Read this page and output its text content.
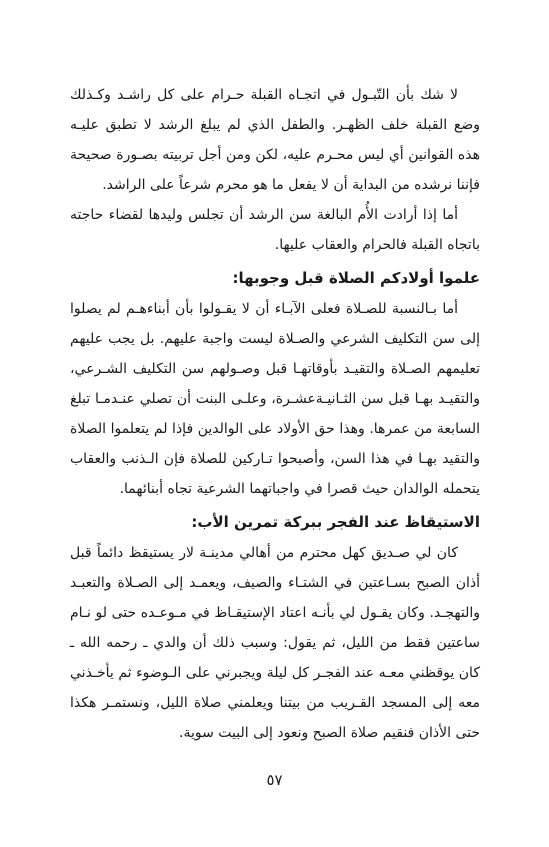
لا شك بأن التّبـول في اتجـاه القبلة حـرام على كل راشـد وكـذلك وضع القبلة خلف الظهـر. والطفل الذي لم يبلغ الرشد لا تطبق عليـه هذه القوانين أي ليس محـرم عليه، لكن ومن أجل تربيته بصـورة صحيحة فإننا نرشده من البداية أن لا يفعل ما هو محرم شرعاً على الراشد.

أما إذا أرادت الأُم البالغة سن الرشد أن تجلس وليدها لقضاء حاجته باتجاه القبلة فالحرام والعقاب عليها.

علموا أولادكم الصلاة قبل وجوبها:

أما بـالنسبة للصـلاة فعلى الآبـاء أن لا يقـولوا بأن أبناءهـم لم يصلوا إلى سن التكليف الشرعي والصـلاة ليست واجبة عليهم. بل يجب عليهم تعليمهم الصـلاة والتقيـد بأوقاتهـا قبل وصـولهم سن التكليف الشـرعي، والتقيـد بهـا قبل سن الثـانيـةعشـرة، وعلـى البنت أن تصلي عنـدمـا تبلغ السابعة من عمرها. وهذا حق الأولاد على الوالدين فإذا لم يتعلموا الصلاة والتقيد بهـا في هذا السن، وأصبحوا تـاركين للصلاة فإن الـذنب والعقاب يتحمله الوالدان حيث قصرا في واجباتهما الشرعية تجاه أبنائهما.

الاستيقاظ عند الفجر ببركة تمرين الأب:

كان لي صـديق كهل محترم من أهالي مدينـة لار يستيقظ دائماً قبل أذان الصبح بسـاعتين في الشتـاء والصيف، ويعمـد إلى الصـلاة والتعبـد والتهجـد. وكان يقـول لي بأنـه اعتاد الإستيقـاظ في مـوعـده حتى لو نـام ساعتين فقط من الليل، ثم يقول: وسبب ذلك أن والدي ـ رحمه الله ـ كان يوقظني معـه عند الفجـر كل ليلة ويجبرني على الـوضوء ثم يأخـذني معه إلى المسجد القـريب من بيتنا ويعلمني صلاة الليل، ونستمـر هكذا حتى الأذان فنقيم صلاة الصبح ونعود إلى البيت سوية.

٥٧
